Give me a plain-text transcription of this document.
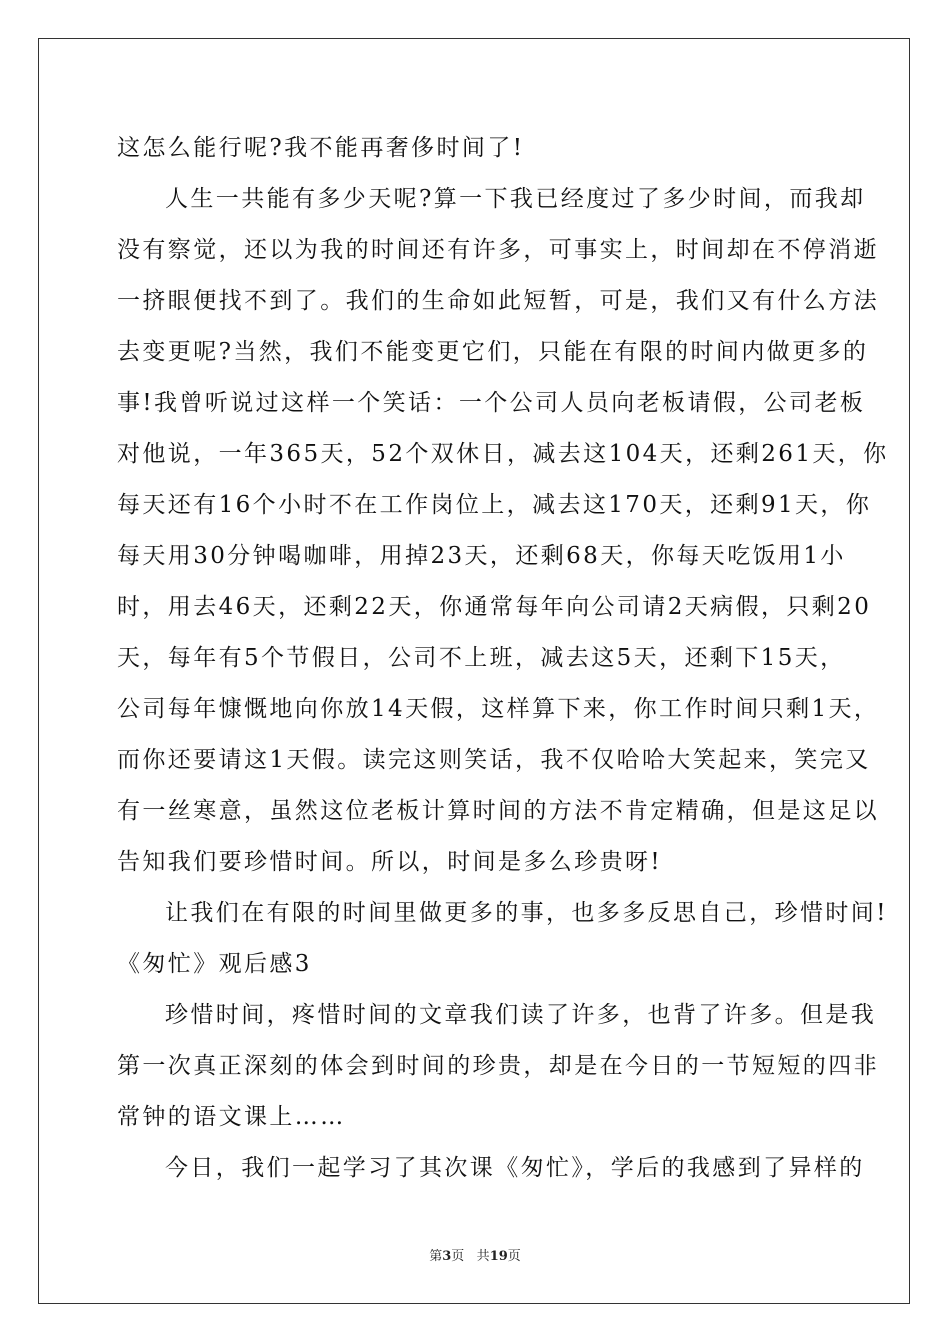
这怎么能行呢?我不能再奢侈时间了!
人生一共能有多少天呢?算一下我已经度过了多少时间，而我却
没有察觉，还以为我的时间还有许多，可事实上，时间却在不停消逝
一挤眼便找不到了。我们的生命如此短暂，可是，我们又有什么方法
去变更呢?当然，我们不能变更它们，只能在有限的时间内做更多的
事!我曾听说过这样一个笑话：一个公司人员向老板请假，公司老板
对他说，一年365天，52个双休日，减去这104天，还剩261天，你
每天还有16个小时不在工作岗位上，减去这170天，还剩91天，你
每天用30分钟喝咖啡，用掉23天，还剩68天，你每天吃饭用1小
时，用去46天，还剩22天，你通常每年向公司请2天病假，只剩20
天，每年有5个节假日，公司不上班，减去这5天，还剩下15天，
公司每年慷慨地向你放14天假，这样算下来，你工作时间只剩1天，
而你还要请这1天假。读完这则笑话，我不仅哈哈大笑起来，笑完又
有一丝寒意，虽然这位老板计算时间的方法不肯定精确，但是这足以
告知我们要珍惜时间。所以，时间是多么珍贵呀!
让我们在有限的时间里做更多的事，也多多反思自己，珍惜时间!
《匆忙》观后感3
珍惜时间，疼惜时间的文章我们读了许多，也背了许多。但是我
第一次真正深刻的体会到时间的珍贵，却是在今日的一节短短的四非
常钟的语文课上……
今日，我们一起学习了其次课《匆忙》，学后的我感到了异样的
第3页 共19页
